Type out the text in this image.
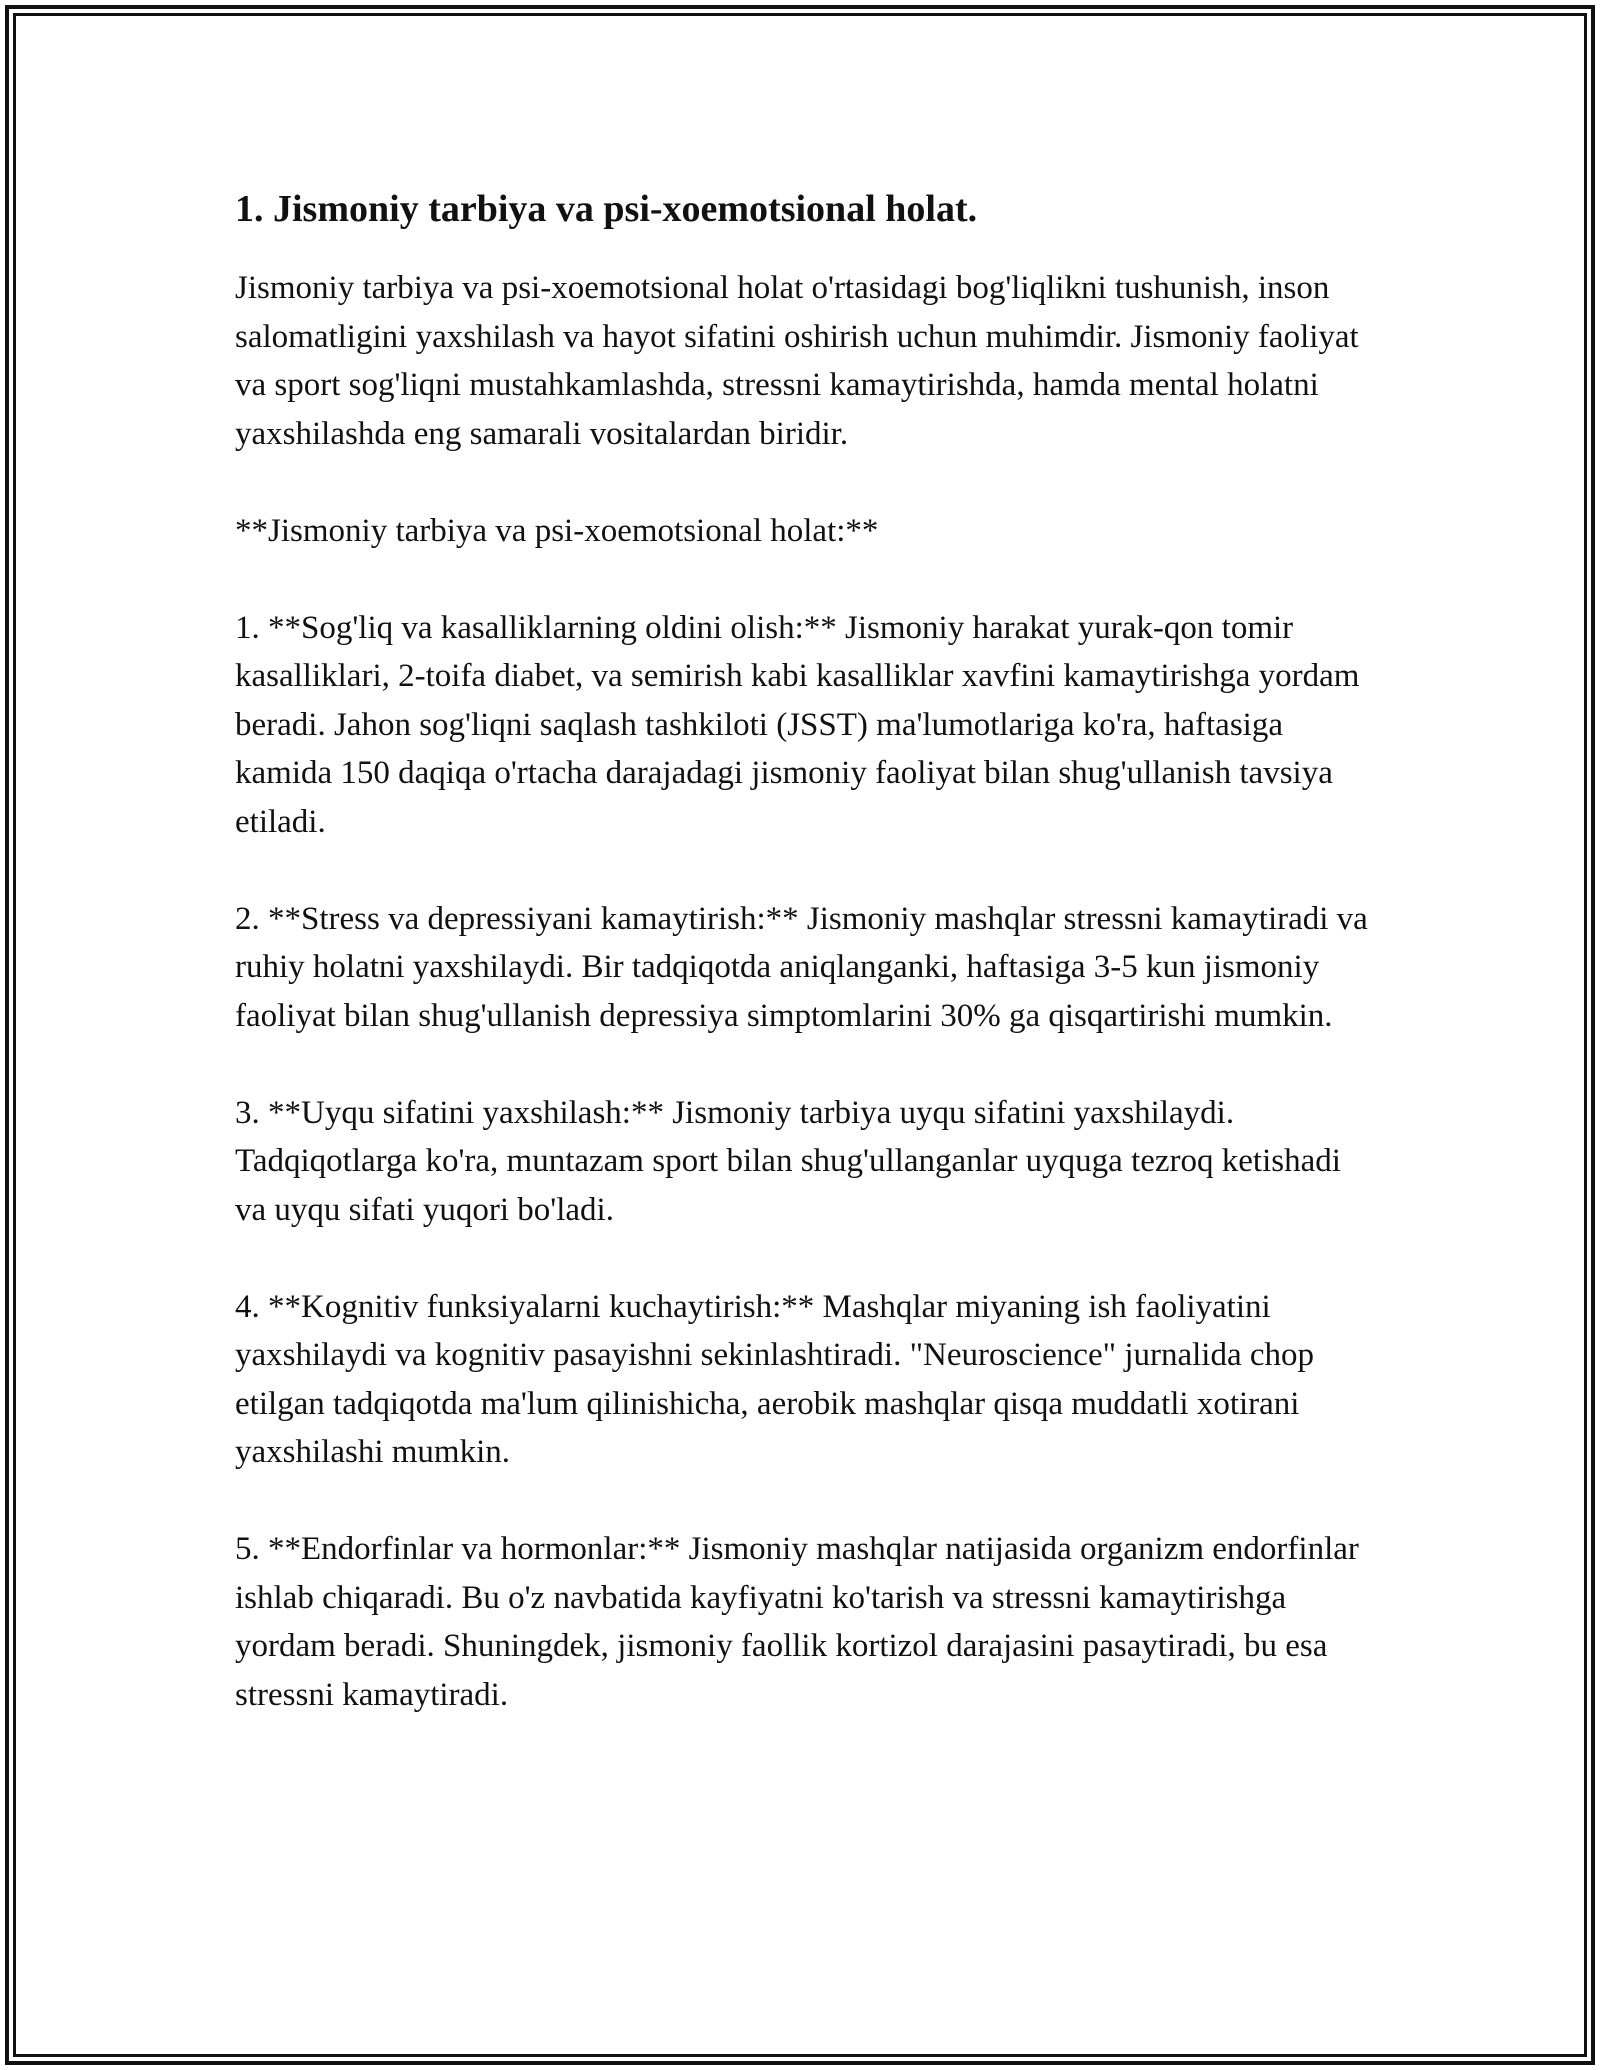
1. Jismoniy tarbiya va psi-xoemotsional holat.

Jismoniy tarbiya va psi-xoemotsional holat o'rtasidagi bog'liqlikni tushunish, inson salomatligini yaxshilash va hayot sifatini oshirish uchun muhimdir. Jismoniy faoliyat va sport sog'liqni mustahkamlashda, stressni kamaytirishda, hamda mental holatni yaxshilashda eng samarali vositalardan biridir.

**Jismoniy tarbiya va psi-xoemotsional holat:**

1. **Sog'liq va kasalliklarning oldini olish:** Jismoniy harakat yurak-qon tomir kasalliklari, 2-toifa diabet, va semirish kabi kasalliklar xavfini kamaytirishga yordam beradi. Jahon sog'liqni saqlash tashkiloti (JSST) ma'lumotlariga ko'ra, haftasiga kamida 150 daqiqa o'rtacha darajadagi jismoniy faoliyat bilan shug'ullanish tavsiya etiladi.

2. **Stress va depressiyani kamaytirish:** Jismoniy mashqlar stressni kamaytiradi va ruhiy holatni yaxshilaydi. Bir tadqiqotda aniqlanganki, haftasiga 3-5 kun jismoniy faoliyat bilan shug'ullanish depressiya simptomlarini 30% ga qisqartirishi mumkin.

3. **Uyqu sifatini yaxshilash:** Jismoniy tarbiya uyqu sifatini yaxshilaydi. Tadqiqotlarga ko'ra, muntazam sport bilan shug'ullanganlar uyquga tezroq ketishadi va uyqu sifati yuqori bo'ladi.

4. **Kognitiv funksiyalarni kuchaytirish:** Mashqlar miyaning ish faoliyatini yaxshilaydi va kognitiv pasayishni sekinlashtiradi. "Neuroscience" jurnalida chop etilgan tadqiqotda ma'lum qilinishicha, aerobik mashqlar qisqa muddatli xotirani yaxshilashi mumkin.

5. **Endorfinlar va hormonlar:** Jismoniy mashqlar natijasida organizm endorfinlar ishlab chiqaradi. Bu o'z navbatida kayfiyatni ko'tarish va stressni kamaytirishga yordam beradi. Shuningdek, jismoniy faollik kortizol darajasini pasaytiradi, bu esa stressni kamaytiradi.
